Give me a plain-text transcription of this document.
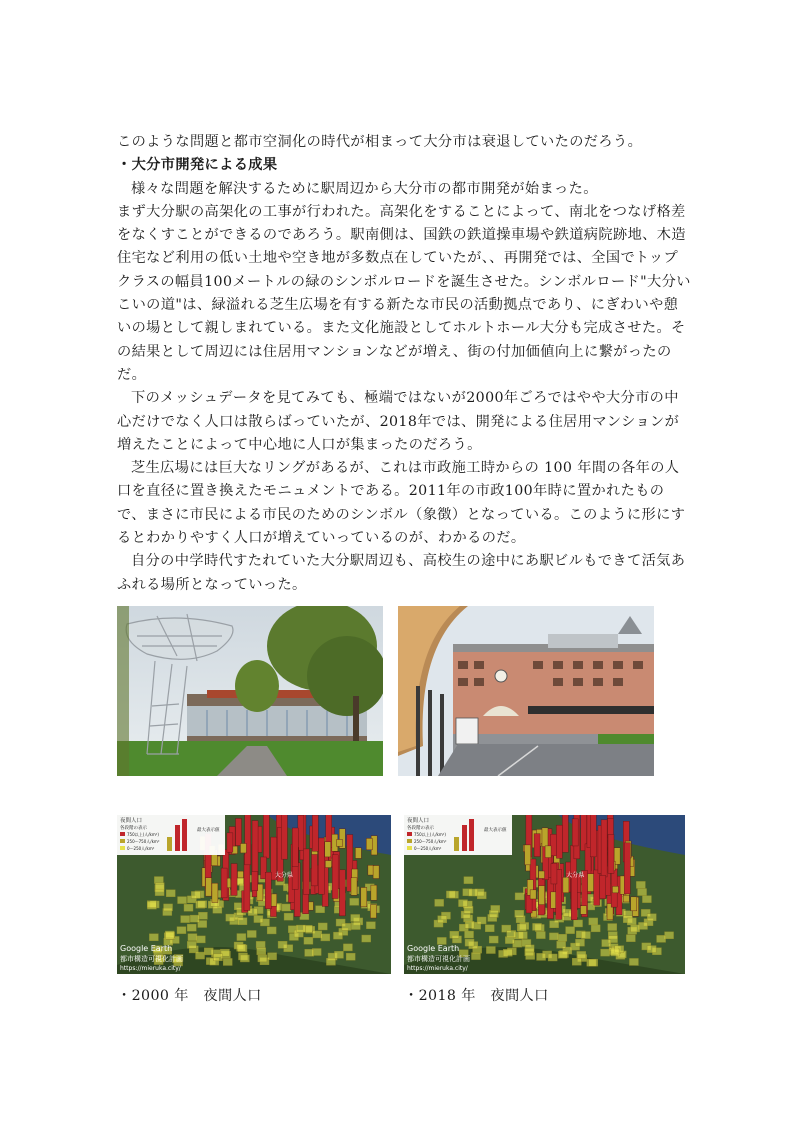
このような問題と都市空洞化の時代が相まって大分市は衰退していたのだろう。

・大分市開発による成果

様々な問題を解決するために駅周辺から大分市の都市開発が始まった。

まず大分駅の高架化の工事が行われた。高架化をすることによって、南北をつなげ格差をなくすことができるのであろう。駅南側は、国鉄の鉄道操車場や鉄道病院跡地、木造住宅など利用の低い土地や空き地が多数点在していたが、、再開発では、全国でトップクラスの幅員100メートルの緑のシンボルロードを誕生させた。シンボルロード"大分いこいの道"は、緑溢れる芝生広場を有する新たな市民の活動拠点であり、にぎわいや憩いの場として親しまれている。また文化施設としてホルトホール大分も完成させた。その結果として周辺には住居用マンションなどが増え、街の付加価値向上に繋がったのだ。

下のメッシュデータを見てみても、極端ではないが2000年ごろではやや大分市の中心だけでなく人口は散らばっていたが、2018年では、開発による住居用マンションが増えたことによって中心地に人口が集まったのだろう。

芝生広場には巨大なリングがあるが、これは市政施工時からの 100 年間の各年の人口を直径に置き換えたモニュメントである。2011年の市政100年時に置かれたもので、まさに市民による市民のためのシンボル（象徴）となっている。このように形にするとわかりやすく人口が増えていっているのが、わかるのだ。

自分の中学時代すたれていた大分駅周辺も、高校生の途中にあ駅ビルもできて活気あふれる場所となっていった。

夜間人口
各段階の表示
750以上(人/km²)
250〜750人/km²
0〜250人/km²
最大表示値
大分県
Google Earth
都市構造可視化計画
https://mieruka.city/
夜間人口
各段階の表示
750以上(人/km²)
250〜750人/km²
0〜250人/km²
最大表示値
大分県
Google Earth
都市構造可視化計画
https://mieruka.city/
・2000 年　夜間人口	・2018 年　夜間人口
